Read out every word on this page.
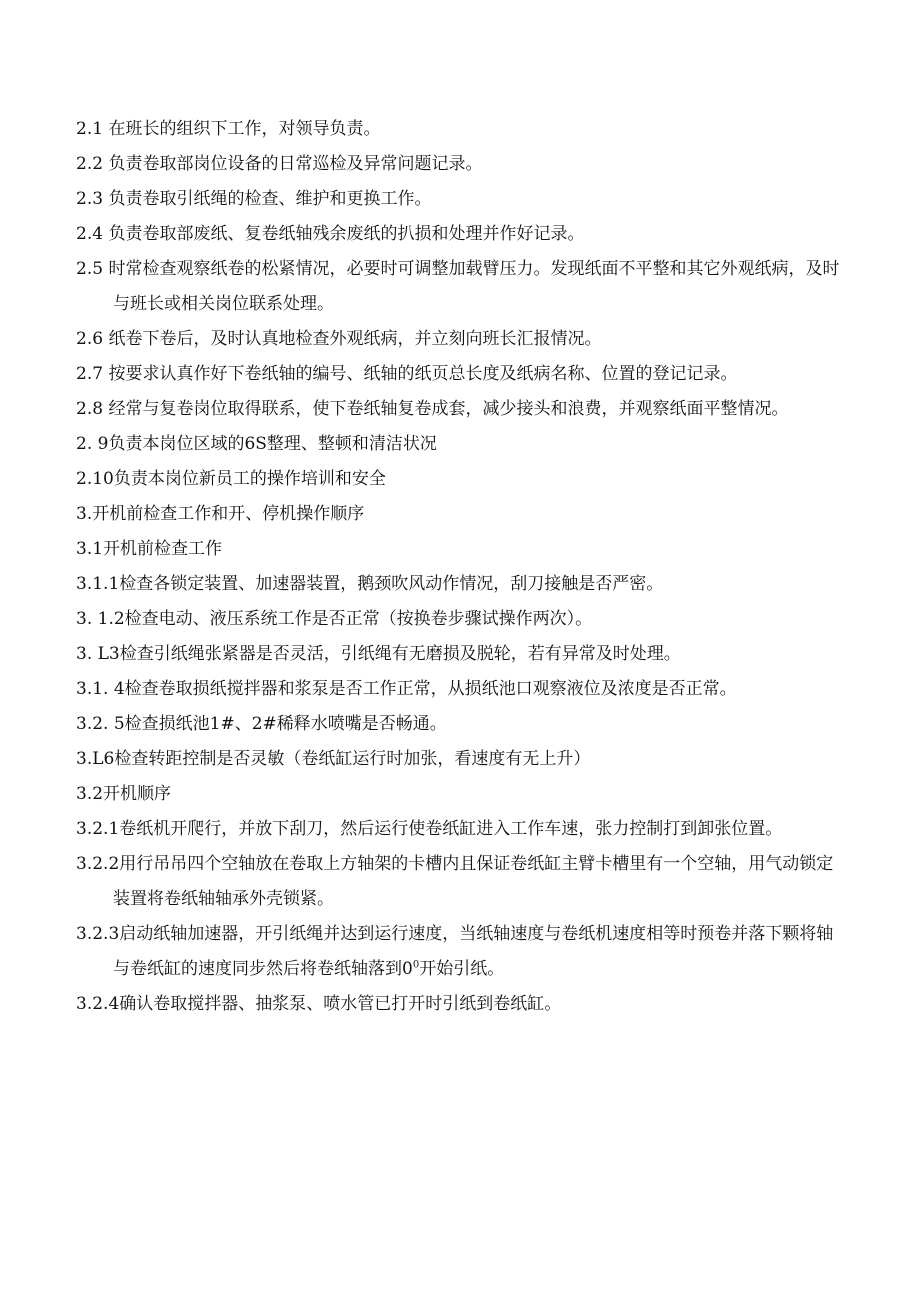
2.1 在班长的组织下工作，对领导负责。

2.2 负责卷取部岗位设备的日常巡检及异常问题记录。

2.3 负责卷取引纸绳的检查、维护和更换工作。

2.4 负责卷取部废纸、复卷纸轴残余废纸的扒损和处理并作好记录。

2.5 时常检查观察纸卷的松紧情况，必要时可调整加载臂压力。发现纸面不平整和其它外观纸病，及时与班长或相关岗位联系处理。

2.6 纸卷下卷后，及时认真地检查外观纸病，并立刻向班长汇报情况。

2.7 按要求认真作好下卷纸轴的编号、纸轴的纸页总长度及纸病名称、位置的登记记录。

2.8 经常与复卷岗位取得联系，使下卷纸轴复卷成套，减少接头和浪费，并观察纸面平整情况。

2. 9负责本岗位区域的6S整理、整顿和清洁状况

2.10负责本岗位新员工的操作培训和安全

3.开机前检查工作和开、停机操作顺序

3.1开机前检查工作

3.1.1检查各锁定装置、加速器装置，鹅颈吹风动作情况，刮刀接触是否严密。

3. 1.2检查电动、液压系统工作是否正常（按换卷步骤试操作两次）。

3. L3检查引纸绳张紧器是否灵活，引纸绳有无磨损及脱轮，若有异常及时处理。

3.1. 4检查卷取损纸搅拌器和浆泵是否工作正常，从损纸池口观察液位及浓度是否正常。

3.2. 5检查损纸池1#、2#稀释水喷嘴是否畅通。

3.L6检查转距控制是否灵敏（卷纸缸运行时加张，看速度有无上升）

3.2开机顺序

3.2.1卷纸机开爬行，并放下刮刀，然后运行使卷纸缸进入工作车速，张力控制打到卸张位置。

3.2.2用行吊吊四个空轴放在卷取上方轴架的卡槽内且保证卷纸缸主臂卡槽里有一个空轴，用气动锁定装置将卷纸轴轴承外壳锁紧。

3.2.3启动纸轴加速器，开引纸绳并达到运行速度，当纸轴速度与卷纸机速度相等时预卷并落下颗将轴与卷纸缸的速度同步然后将卷纸轴落到$0^0$开始引纸。

3.2.4确认卷取搅拌器、抽浆泵、喷水管已打开时引纸到卷纸缸。
